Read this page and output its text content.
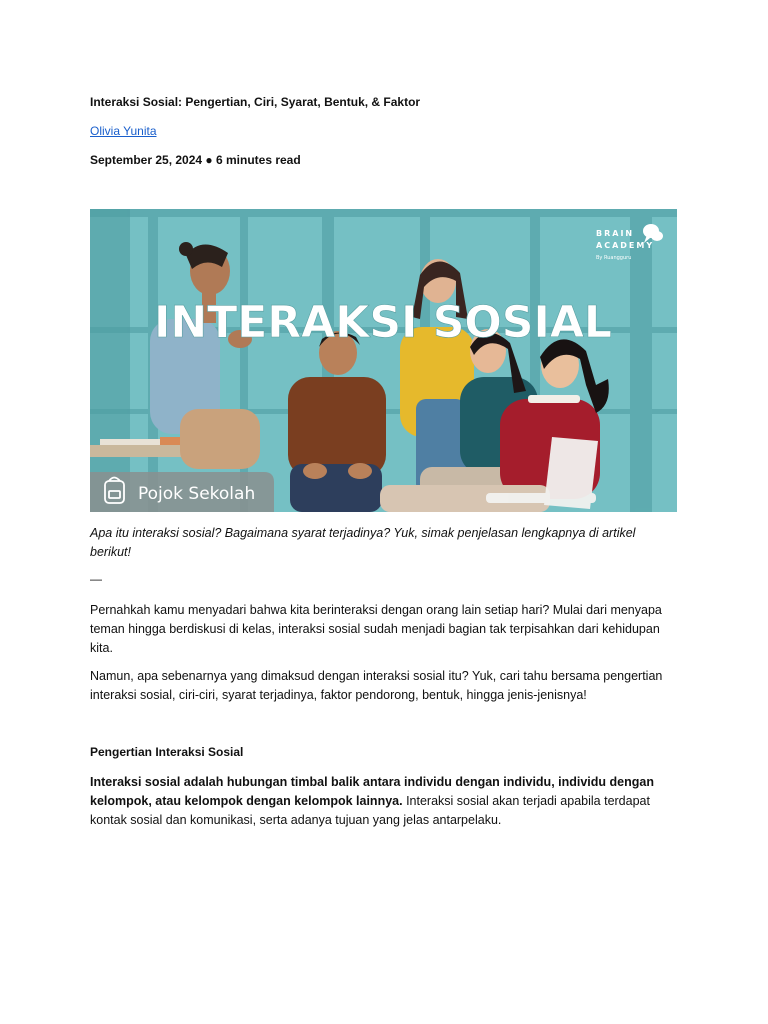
Interaksi Sosial: Pengertian, Ciri, Syarat, Bentuk, & Faktor
Olivia Yunita
September 25, 2024 ● 6 minutes read
INTERAKSI SOSIAL
BRAIN
ACADEMY
By Ruangguru
Pojok Sekolah
Apa itu interaksi sosial? Bagaimana syarat terjadinya? Yuk, simak penjelasan lengkapnya di artikel berikut!
—
Pernahkah kamu menyadari bahwa kita berinteraksi dengan orang lain setiap hari? Mulai dari menyapa teman hingga berdiskusi di kelas, interaksi sosial sudah menjadi bagian tak terpisahkan dari kehidupan kita.
Namun, apa sebenarnya yang dimaksud dengan interaksi sosial itu? Yuk, cari tahu bersama pengertian interaksi sosial, ciri-ciri, syarat terjadinya, faktor pendorong, bentuk, hingga jenis-jenisnya!
Pengertian Interaksi Sosial
Interaksi sosial adalah hubungan timbal balik antara individu dengan individu, individu dengan kelompok, atau kelompok dengan kelompok lainnya. Interaksi sosial akan terjadi apabila terdapat kontak sosial dan komunikasi, serta adanya tujuan yang jelas antarpelaku.
